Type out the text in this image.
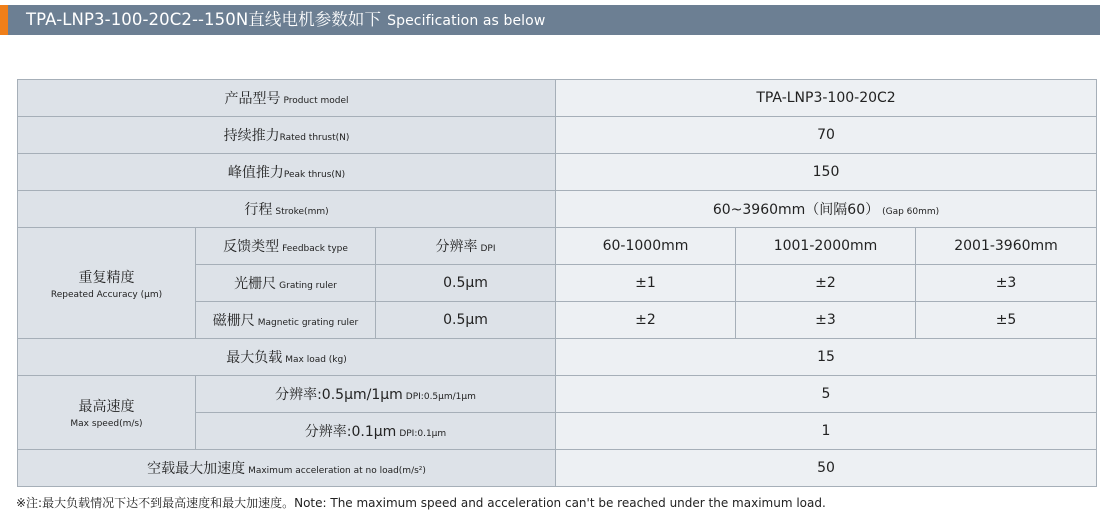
TPA-LNP3-100-20C2--150N直线电机参数如下 Specification as below
产品型号 Product model			TPA-LNP3-100-20C2		
持续推力Rated thrust(N)			70		
峰值推力Peak thrus(N)			150		
行程 Stroke(mm)			60~3960mm（间隔60） (Gap 60mm)		
重复精度
Repeated Accuracy (μm)	反馈类型 Feedback type	分辨率 DPI	60-1000mm	1001-2000mm	2001-3960mm
	光栅尺 Grating ruler	0.5μm	±1	±2	±3
	磁栅尺 Magnetic grating ruler	0.5μm	±2	±3	±5
最大负载 Max load (kg)			15		
最高速度
Max speed(m/s)	分辨率:0.5μm/1μm DPI:0.5μm/1μm		5		
	分辨率:0.1μm DPI:0.1μm		1		
空载最大加速度 Maximum acceleration at no load(m/s²)			50		
※注:最大负载情况下达不到最高速度和最大加速度。Note: The maximum speed and acceleration can't be reached under the maximum load.
